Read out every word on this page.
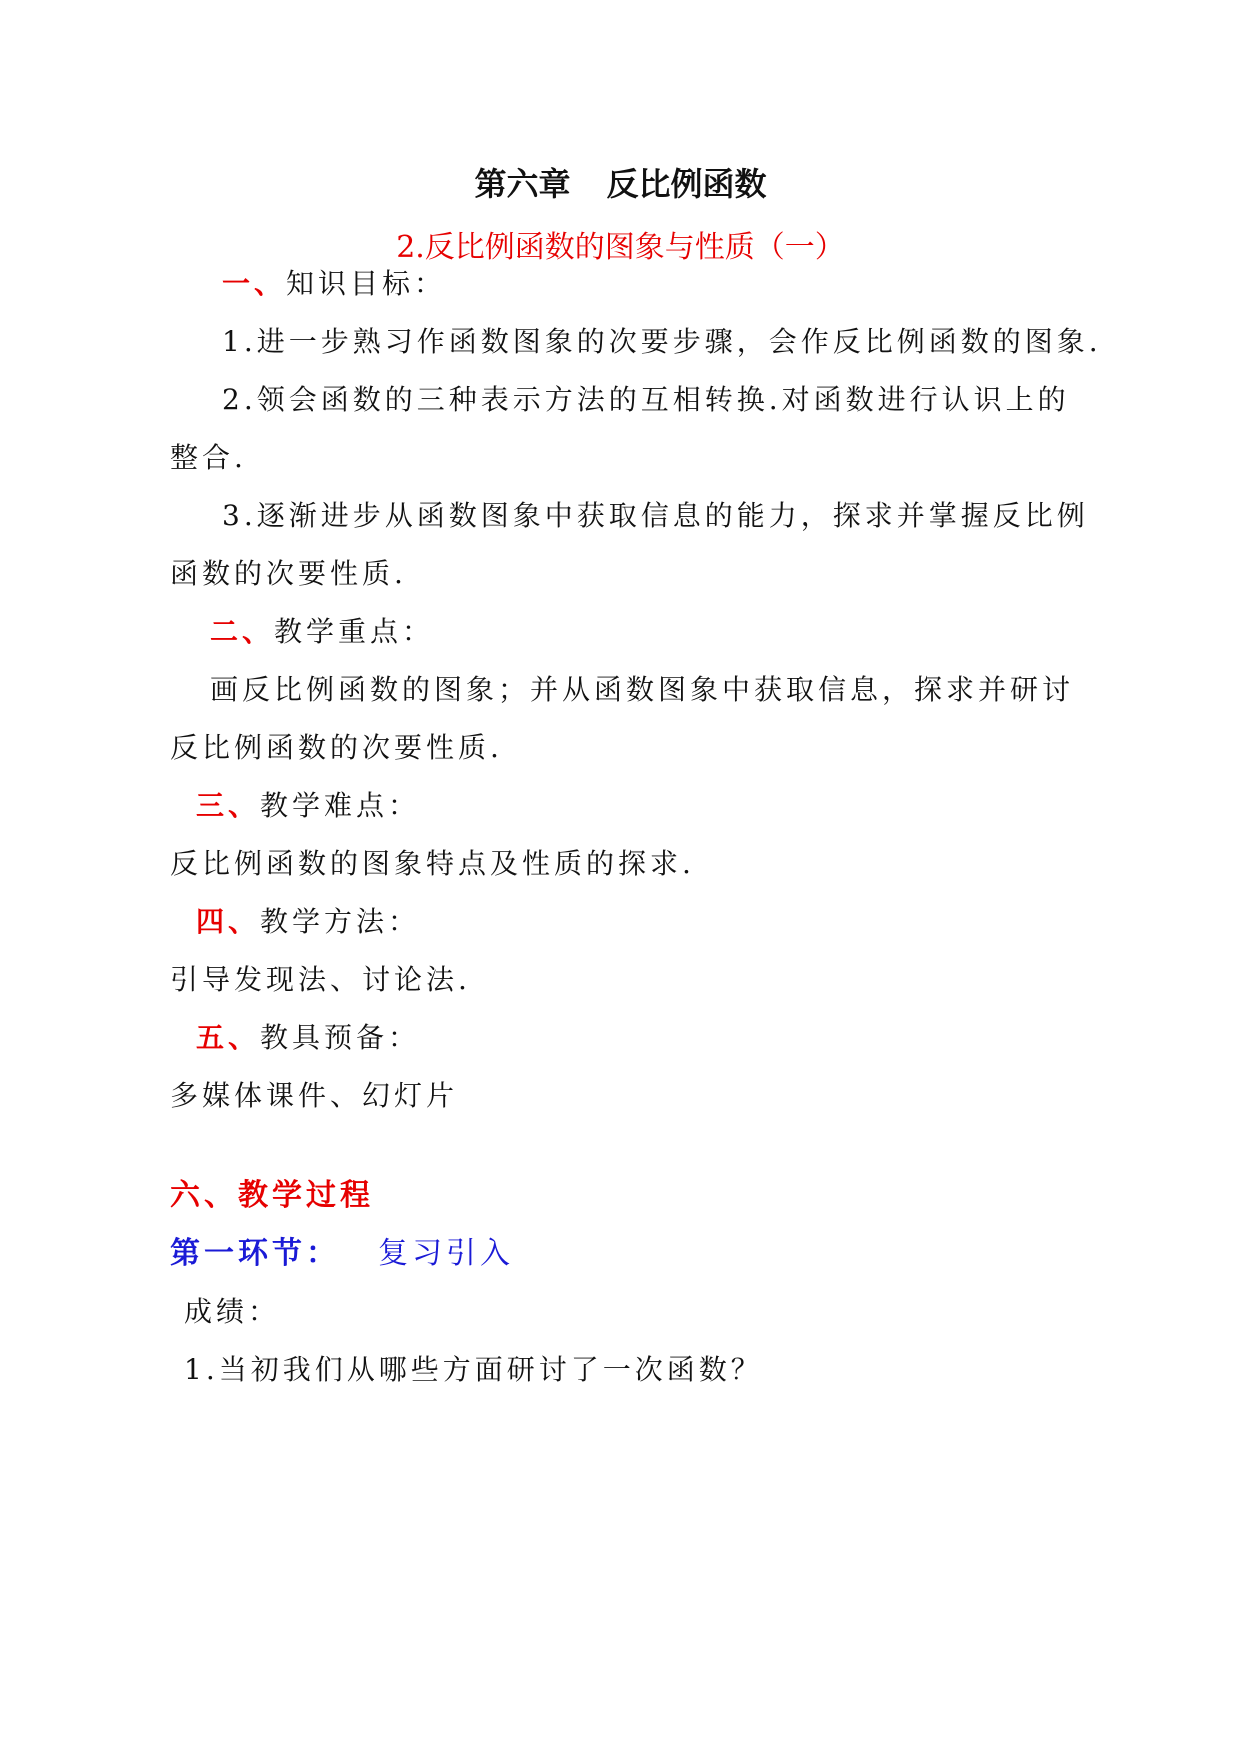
第六章 反比例函数
2.反比例函数的图象与性质（一）
一、知识目标：
1.进一步熟习作函数图象的次要步骤，会作反比例函数的图象.
2.领会函数的三种表示方法的互相转换.对函数进行认识上的
整合.
3.逐渐进步从函数图象中获取信息的能力，探求并掌握反比例
函数的次要性质.
二、教学重点：
画反比例函数的图象；并从函数图象中获取信息，探求并研讨
反比例函数的次要性质.
三、教学难点：
反比例函数的图象特点及性质的探求.
四、教学方法：
引导发现法、讨论法.
五、教具预备：
多媒体课件、幻灯片
六、教学过程
第一环节： 复习引入
成绩：
1.当初我们从哪些方面研讨了一次函数？
